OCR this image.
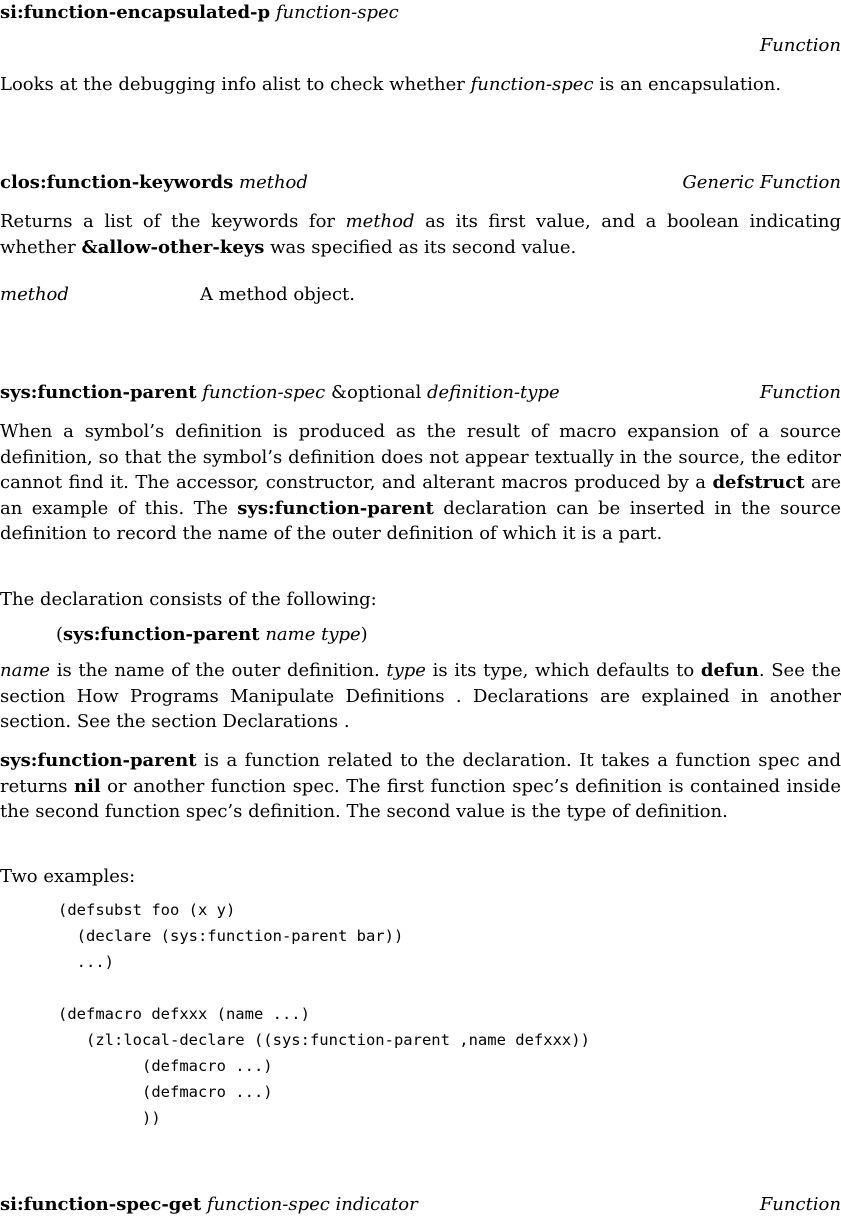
si:function-encapsulated-p function-spec
Function
Looks at the debugging info alist to check whether function-spec is an encapsulation.
clos:function-keywords method	Generic Function
Returns a list of the keywords for method as its first value, and a boolean indicating whether &allow-other-keys was specified as its second value.
method	A method object.
sys:function-parent function-spec &optional definition-type	Function
When a symbol’s definition is produced as the result of macro expansion of a source definition, so that the symbol’s definition does not appear textually in the source, the editor cannot find it. The accessor, constructor, and alterant macros produced by a defstruct are an example of this. The sys:function-parent declaration can be inserted in the source definition to record the name of the outer definition of which it is a part.
The declaration consists of the following:
(sys:function-parent name type)
name is the name of the outer definition. type is its type, which defaults to defun. See the section How Programs Manipulate Definitions . Declarations are explained in another section. See the section Declarations .
sys:function-parent is a function related to the declaration. It takes a function spec and returns nil or another function spec. The first function spec’s definition is contained inside the second function spec’s definition. The second value is the type of definition.
Two examples:
(defsubst foo (x y)
(declare (sys:function-parent bar))
...)

(defmacro defxxx (name ...)
(zl:local-declare ((sys:function-parent ,name defxxx))
(defmacro ...)
(defmacro ...)
))
si:function-spec-get function-spec indicator	Function
